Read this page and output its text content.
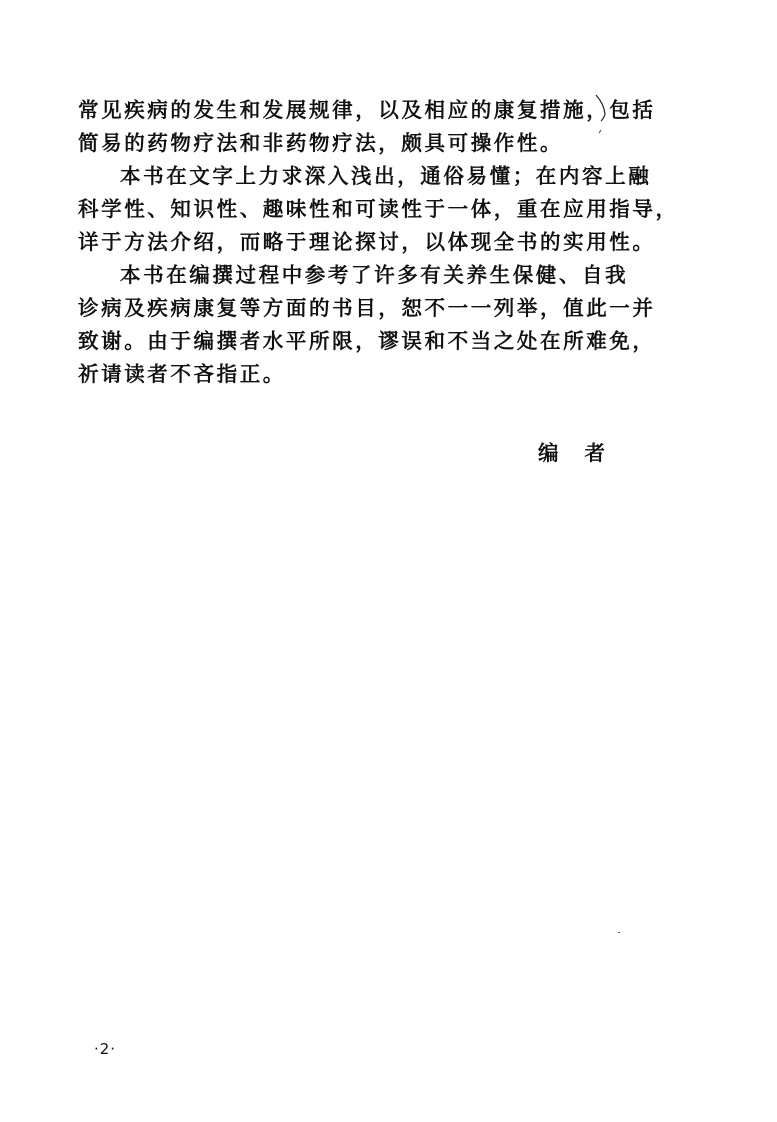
常见疾病的发生和发展规律，以及相应的康复措施，包括
简易的药物疗法和非药物疗法，颇具可操作性。
本书在文字上力求深入浅出，通俗易懂；在内容上融
科学性、知识性、趣味性和可读性于一体，重在应用指导，
详于方法介绍，而略于理论探讨，以体现全书的实用性。
本书在编撰过程中参考了许多有关养生保健、自我
诊病及疾病康复等方面的书目，恕不一一列举，值此一并
致谢。由于编撰者水平所限，谬误和不当之处在所难免，
祈请读者不吝指正。
编者
·2·
